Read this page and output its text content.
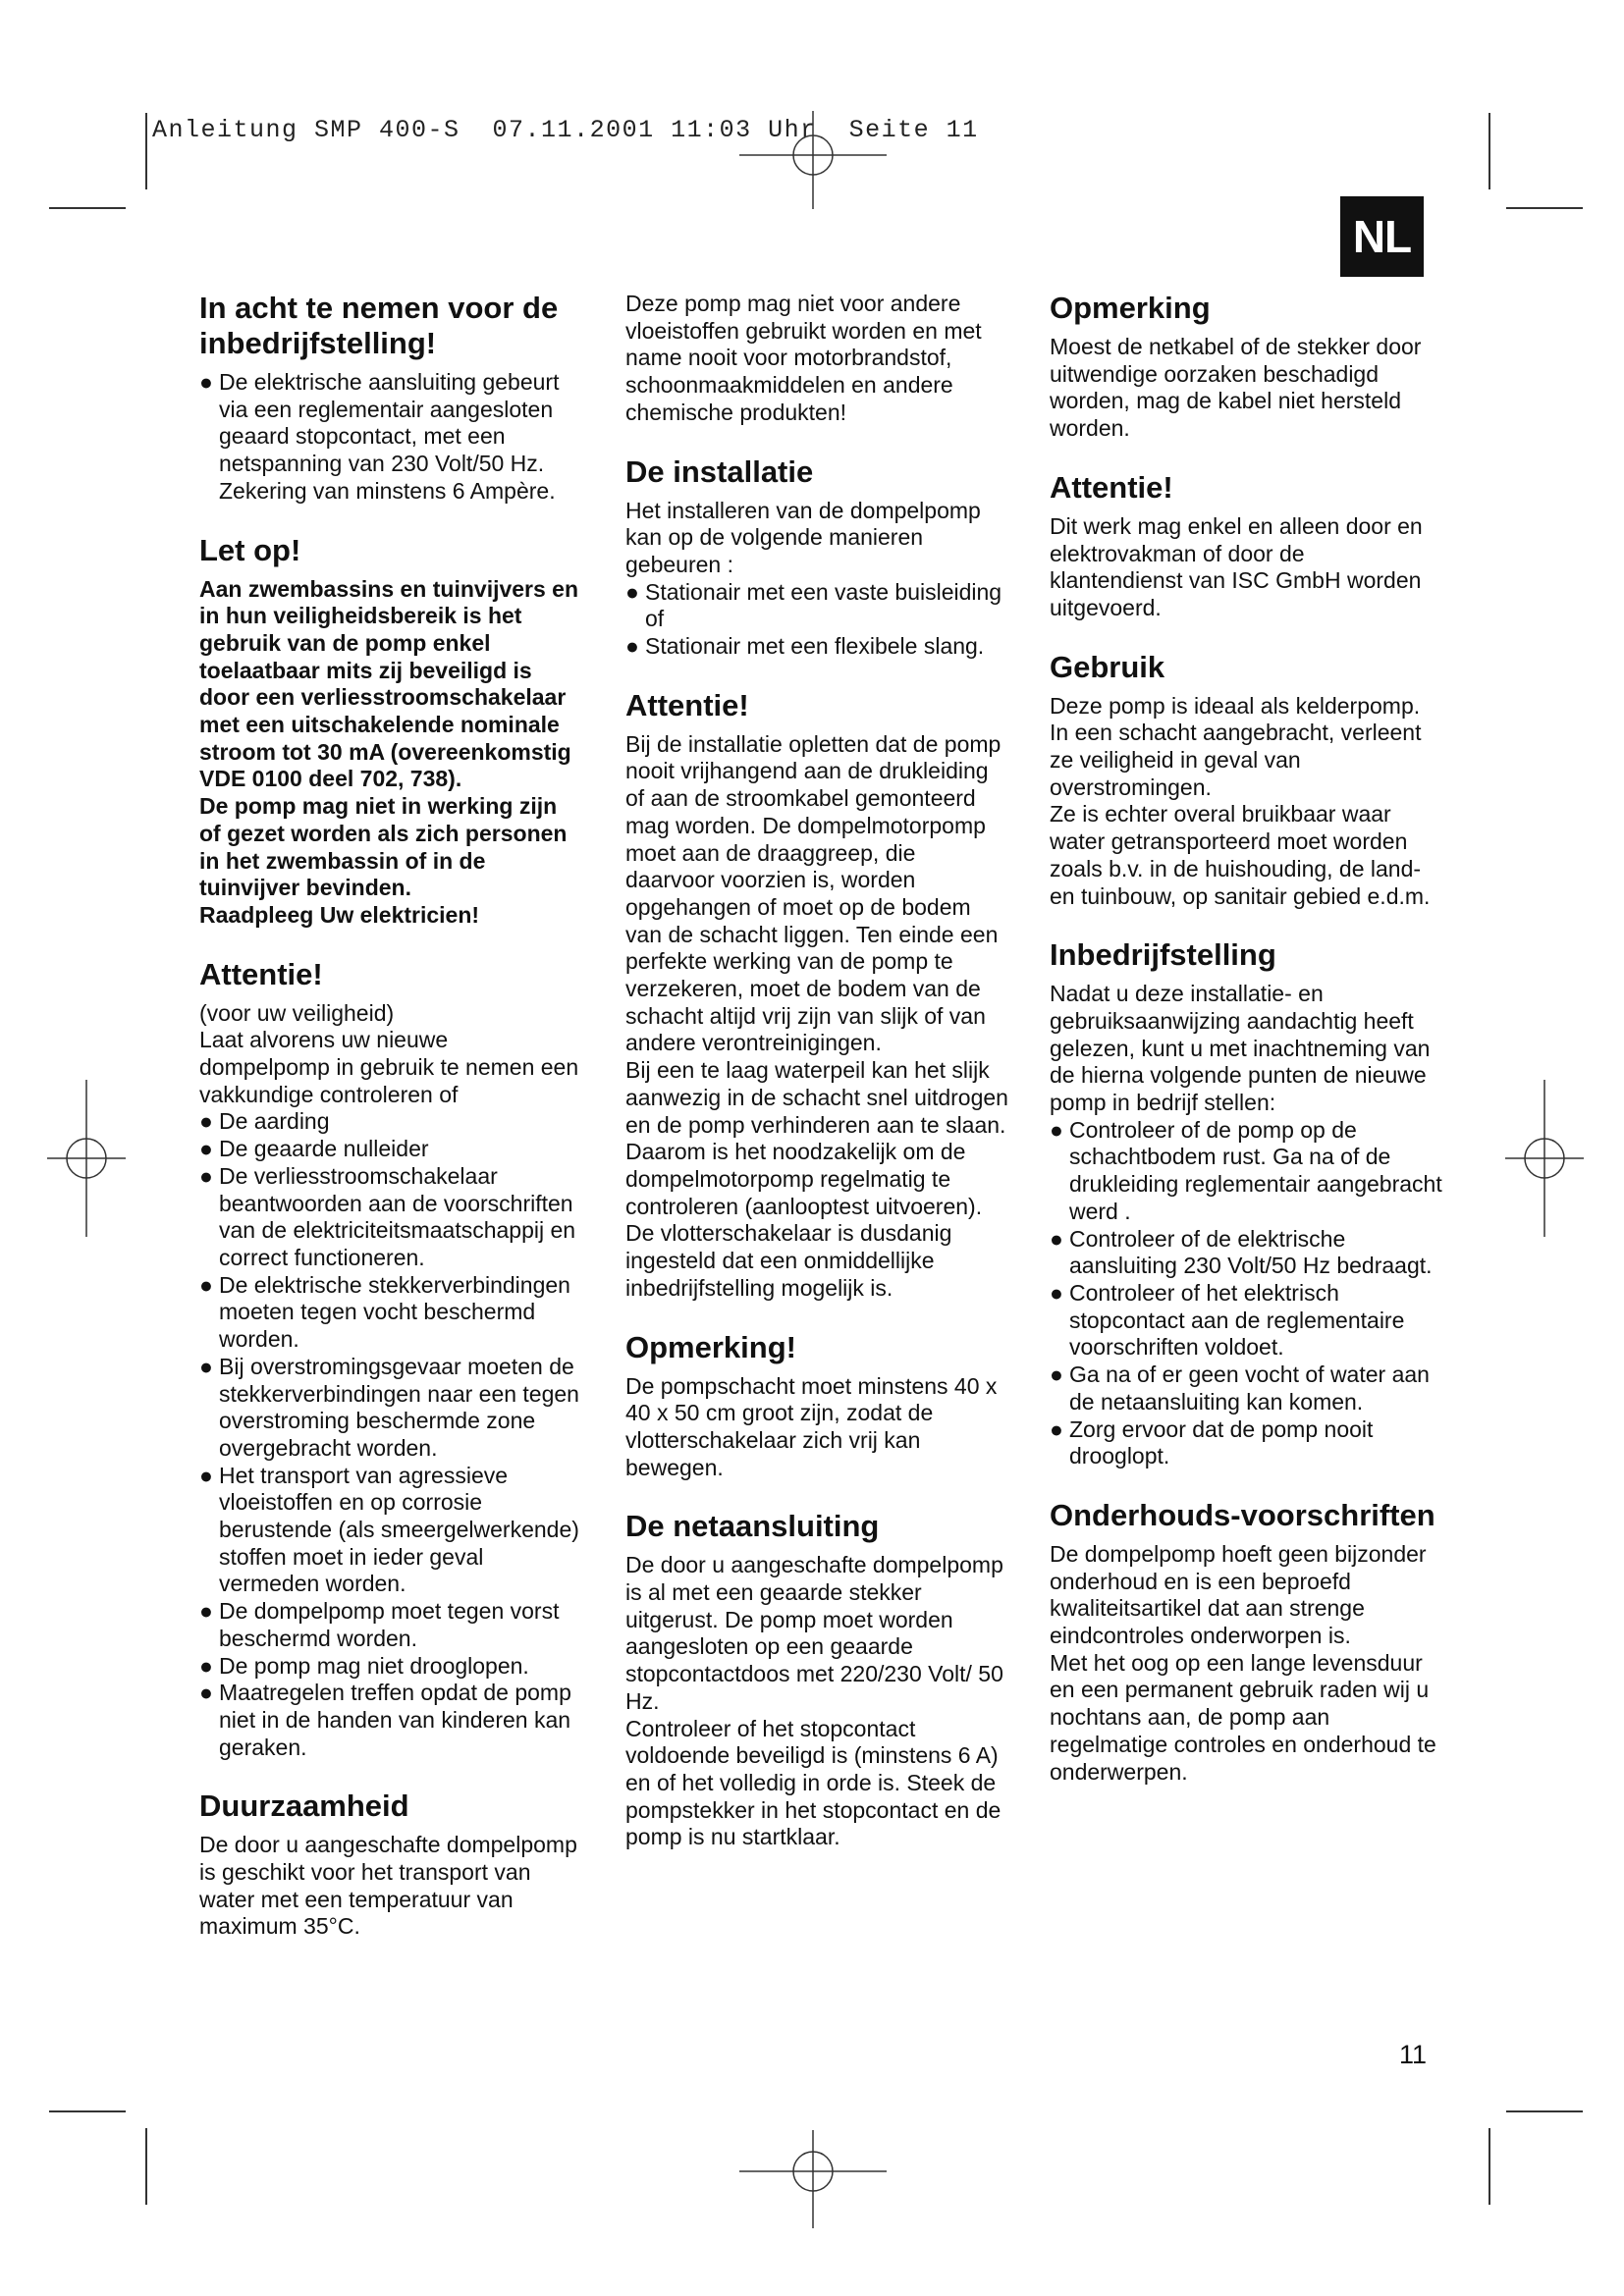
Anleitung SMP 400-S  07.11.2001 11:03 Uhr  Seite 11
NL
In acht te nemen voor de inbedrijfstelling!
● De elektrische aansluiting gebeurt via een reglementair aangesloten geaard stopcontact, met een netspanning van 230 Volt/50 Hz. Zekering van minstens 6 Ampère.
Let op!

Aan zwembassins en tuinvijvers en in hun veiligheidsbereik is het gebruik van de pomp enkel toelaatbaar mits zij beveiligd is door een verliesstroomschakelaar met een uitschakelende nominale stroom tot 30 mA (overeenkomstig VDE 0100 deel 702, 738).

De pomp mag niet in werking zijn of gezet worden als zich personen in het zwembassin of in de tuinvijver bevinden.

Raadpleeg Uw elektricien!

Attentie!

(voor uw veiligheid)

Laat alvorens uw nieuwe dompelpomp in gebruik te nemen een vakkundige controleren of

● De aarding
● De geaarde nulleider
● De verliesstroomschakelaar beantwoorden aan de voorschriften van de elektriciteitsmaatschappij en correct functioneren.
● De elektrische stekkerverbindingen moeten tegen vocht beschermd worden.
● Bij overstromingsgevaar moeten de stekkerverbindingen naar een tegen overstroming beschermde zone overgebracht worden.
● Het transport van agressieve vloeistoffen en op corrosie berustende (als smeergelwerkende) stoffen moet in ieder geval vermeden worden.
● De dompelpomp moet tegen vorst beschermd worden.
● De pomp mag niet drooglopen.
● Maatregelen treffen opdat de pomp niet in de handen van kinderen kan geraken.
Duurzaamheid

De door u aangeschafte dompelpomp is geschikt voor het transport van water met een temperatuur van maximum 35°C.

Deze pomp mag niet voor andere vloeistoffen gebruikt worden en met name nooit voor motorbrandstof, schoonmaakmiddelen en andere chemische produkten!

De installatie

Het installeren van de dompelpomp kan op de volgende manieren gebeuren :

● Stationair met een vaste buisleiding of
● Stationair met een flexibele slang.
Attentie!

Bij de installatie opletten dat de pomp nooit vrijhangend aan de drukleiding of aan de stroomkabel gemonteerd mag worden. De dompelmotorpomp moet aan de draaggreep, die daarvoor voorzien is, worden opgehangen of moet op de bodem van de schacht liggen. Ten einde een perfekte werking van de pomp te verzekeren, moet de bodem van de schacht altijd vrij zijn van slijk of van andere verontreinigingen.

Bij een te laag waterpeil kan het slijk aanwezig in de schacht snel uitdrogen en de pomp verhinderen aan te slaan. Daarom is het noodzakelijk om de dompelmotorpomp regelmatig te controleren (aanlooptest uitvoeren).

De vlotterschakelaar is dusdanig ingesteld dat een onmiddellijke inbedrijfstelling mogelijk is.

Opmerking!

De pompschacht moet minstens 40 x 40 x 50 cm groot zijn, zodat de vlotterschakelaar zich vrij kan bewegen.

De netaansluiting

De door u aangeschafte dompelpomp is al met een geaarde stekker uitgerust. De pomp moet worden aangesloten op een geaarde stopcontactdoos met 220/230 Volt/ 50 Hz.

Controleer of het stopcontact voldoende beveiligd is (minstens 6 A) en of het volledig in orde is. Steek de pompstekker in het stopcontact en de pomp is nu startklaar.

Opmerking

Moest de netkabel of de stekker door uitwendige oorzaken beschadigd worden, mag de kabel niet hersteld worden.

Attentie!

Dit werk mag enkel en alleen door en elektrovakman of door de klantendienst van ISC GmbH worden uitgevoerd.

Gebruik

Deze pomp is ideaal als kelderpomp. In een schacht aangebracht, verleent ze veiligheid in geval van overstromingen.

Ze is echter overal bruikbaar waar water getransporteerd moet worden zoals b.v. in de huishouding, de land- en tuinbouw, op sanitair gebied e.d.m.

Inbedrijfstelling

Nadat u deze installatie- en gebruiksaanwijzing aandachtig heeft gelezen, kunt u met inachtneming van de hierna volgende punten de nieuwe pomp in bedrijf stellen:

● Controleer of de pomp op de schachtbodem rust. Ga na of de drukleiding reglementair aangebracht werd .
● Controleer of de elektrische aansluiting 230 Volt/50 Hz bedraagt.
● Controleer of het elektrisch stopcontact aan de reglementaire voorschriften voldoet.
● Ga na of er geen vocht of water aan de netaansluiting kan komen.
● Zorg ervoor dat de pomp nooit drooglopt.
Onderhouds-voorschriften

De dompelpomp hoeft geen bijzonder onderhoud en is een beproefd kwaliteitsartikel dat aan strenge eindcontroles onderworpen is.

Met het oog op een lange levensduur en een permanent gebruik raden wij u nochtans aan, de pomp aan regelmatige controles en onderhoud te onderwerpen.

11
